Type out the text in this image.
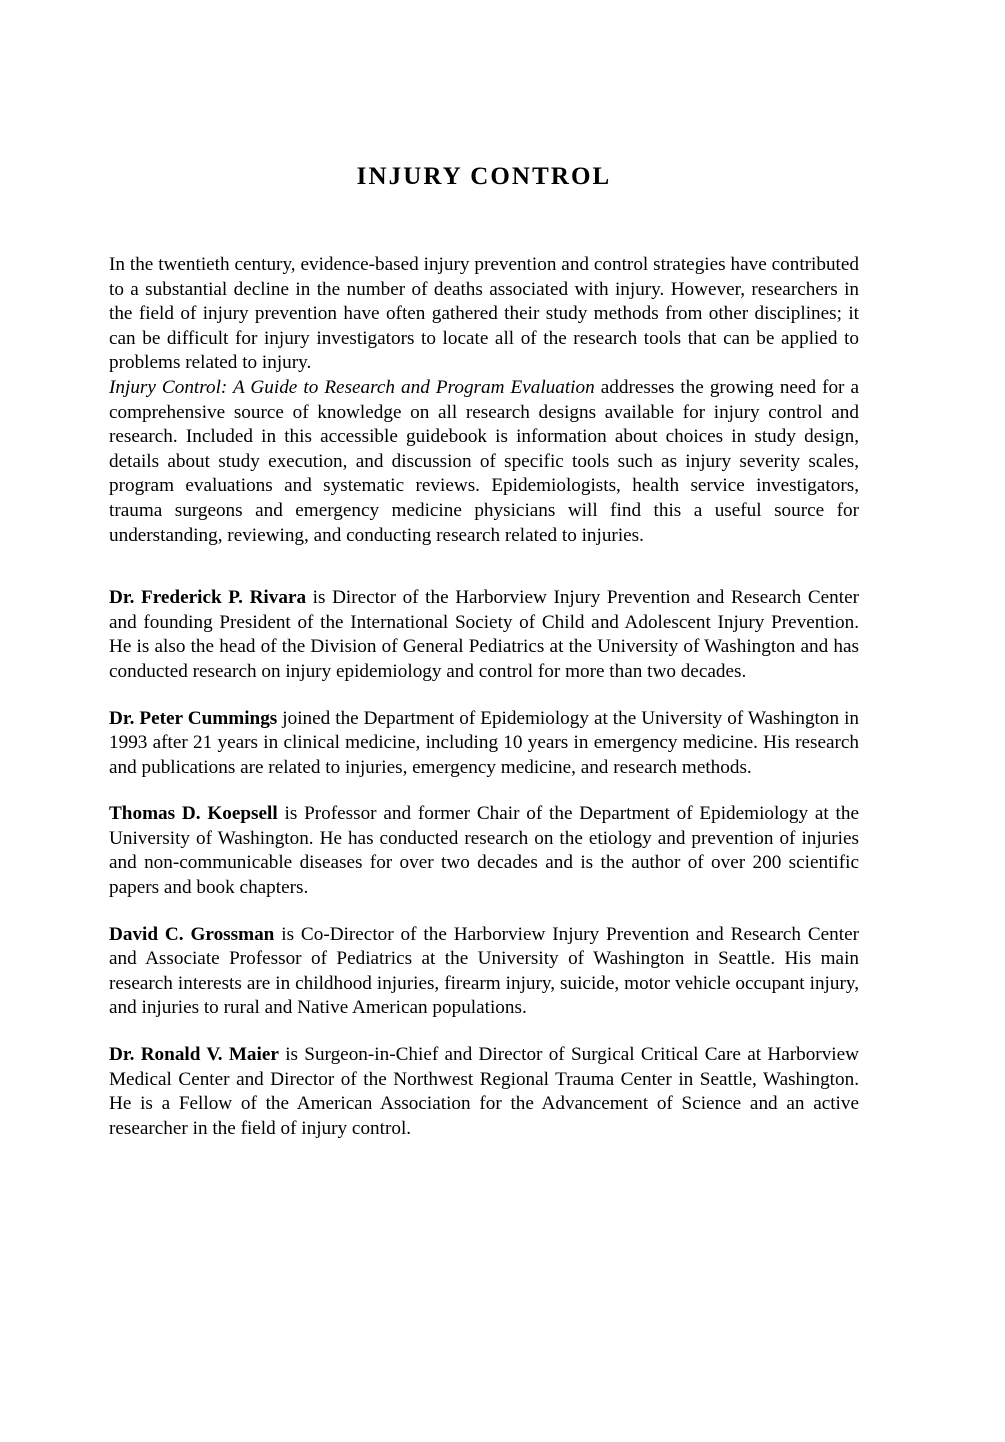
INJURY CONTROL

In the twentieth century, evidence-based injury prevention and control strategies have contributed to a substantial decline in the number of deaths associated with injury. However, researchers in the field of injury prevention have often gathered their study methods from other disciplines; it can be difficult for injury investigators to locate all of the research tools that can be applied to problems related to injury.

Injury Control: A Guide to Research and Program Evaluation addresses the growing need for a comprehensive source of knowledge on all research designs available for injury control and research. Included in this accessible guidebook is information about choices in study design, details about study execution, and discussion of specific tools such as injury severity scales, program evaluations and systematic reviews. Epidemiologists, health service investigators, trauma surgeons and emergency medicine physicians will find this a useful source for understanding, reviewing, and conducting research related to injuries.

Dr. Frederick P. Rivara is Director of the Harborview Injury Prevention and Research Center and founding President of the International Society of Child and Adolescent Injury Prevention. He is also the head of the Division of General Pediatrics at the University of Washington and has conducted research on injury epidemiology and control for more than two decades.

Dr. Peter Cummings joined the Department of Epidemiology at the University of Washington in 1993 after 21 years in clinical medicine, including 10 years in emergency medicine. His research and publications are related to injuries, emergency medicine, and research methods.

Thomas D. Koepsell is Professor and former Chair of the Department of Epidemiology at the University of Washington. He has conducted research on the etiology and prevention of injuries and non-communicable diseases for over two decades and is the author of over 200 scientific papers and book chapters.

David C. Grossman is Co-Director of the Harborview Injury Prevention and Research Center and Associate Professor of Pediatrics at the University of Washington in Seattle. His main research interests are in childhood injuries, firearm injury, suicide, motor vehicle occupant injury, and injuries to rural and Native American populations.

Dr. Ronald V. Maier is Surgeon-in-Chief and Director of Surgical Critical Care at Harborview Medical Center and Director of the Northwest Regional Trauma Center in Seattle, Washington. He is a Fellow of the American Association for the Advancement of Science and an active researcher in the field of injury control.
